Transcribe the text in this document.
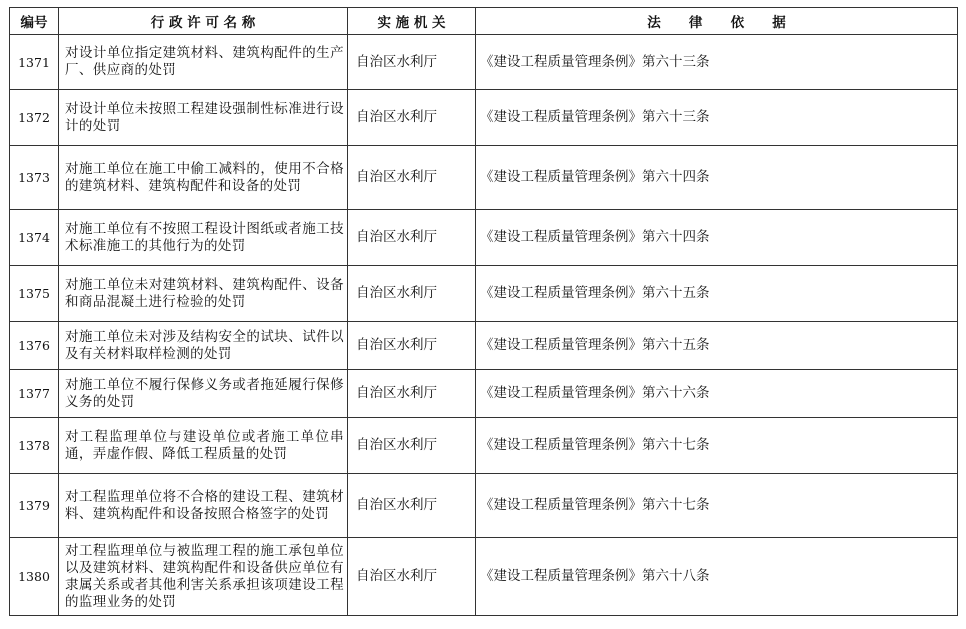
编号	行 政 许 可 名 称	实 施 机 关	法      律      依      据
1371	对设计单位指定建筑材料、建筑构配件的生产厂、供应商的处罚	自治区水利厅	《建设工程质量管理条例》第六十三条
1372	对设计单位未按照工程建设强制性标准进行设计的处罚	自治区水利厅	《建设工程质量管理条例》第六十三条
1373	对施工单位在施工中偷工减料的，使用不合格的建筑材料、建筑构配件和设备的处罚	自治区水利厅	《建设工程质量管理条例》第六十四条
1374	对施工单位有不按照工程设计图纸或者施工技术标准施工的其他行为的处罚	自治区水利厅	《建设工程质量管理条例》第六十四条
1375	对施工单位未对建筑材料、建筑构配件、设备和商品混凝土进行检验的处罚	自治区水利厅	《建设工程质量管理条例》第六十五条
1376	对施工单位未对涉及结构安全的试块、试件以及有关材料取样检测的处罚	自治区水利厅	《建设工程质量管理条例》第六十五条
1377	对施工单位不履行保修义务或者拖延履行保修义务的处罚	自治区水利厅	《建设工程质量管理条例》第六十六条
1378	对工程监理单位与建设单位或者施工单位串通，弄虚作假、降低工程质量的处罚	自治区水利厅	《建设工程质量管理条例》第六十七条
1379	对工程监理单位将不合格的建设工程、建筑材料、建筑构配件和设备按照合格签字的处罚	自治区水利厅	《建设工程质量管理条例》第六十七条
1380	对工程监理单位与被监理工程的施工承包单位以及建筑材料、建筑构配件和设备供应单位有隶属关系或者其他利害关系承担该项建设工程的监理业务的处罚	自治区水利厅	《建设工程质量管理条例》第六十八条
